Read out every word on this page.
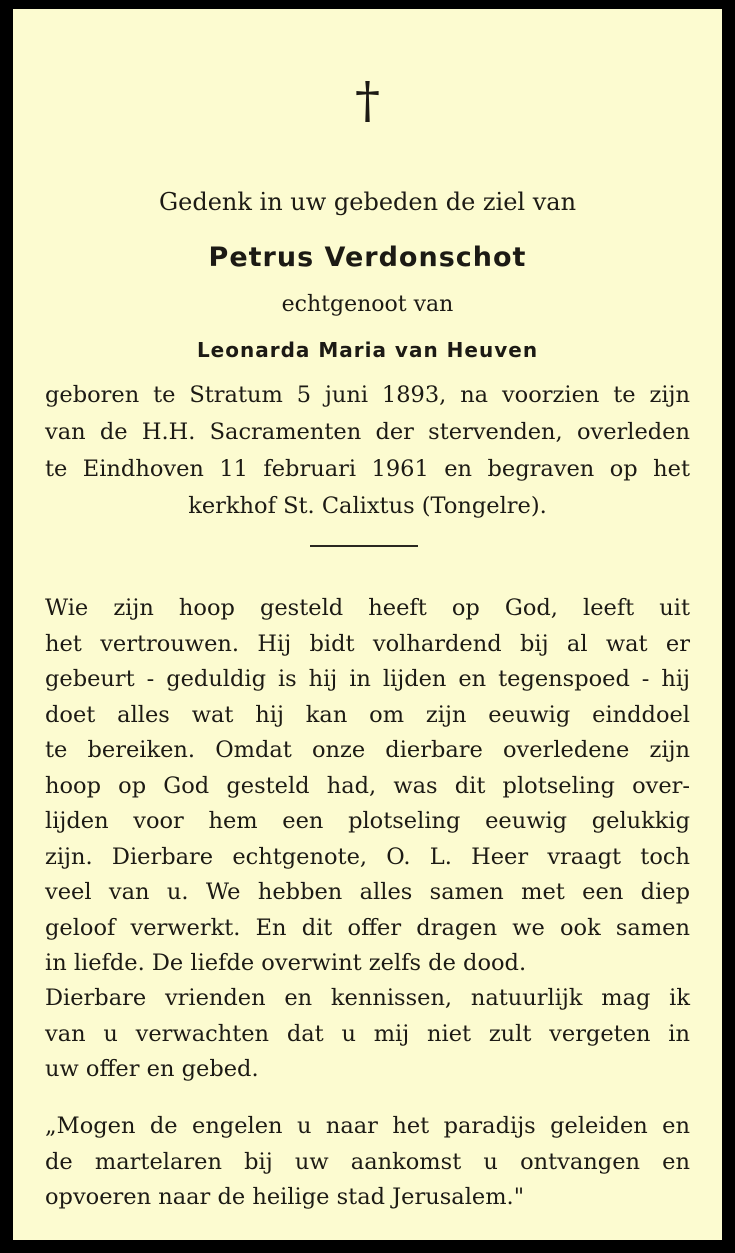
†
Gedenk in uw gebeden de ziel van
Petrus Verdonschot
echtgenoot van
Leonarda Maria van Heuven
geboren te Stratum 5 juni 1893, na voorzien te zijn
van de H.H. Sacramenten der stervenden, overleden
te Eindhoven 11 februari 1961 en begraven op het
kerkhof St. Calixtus (Tongelre).
Wie zijn hoop gesteld heeft op God, leeft uit
het vertrouwen. Hij bidt volhardend bij al wat er
gebeurt - geduldig is hij in lijden en tegenspoed - hij
doet alles wat hij kan om zijn eeuwig einddoel
te bereiken. Omdat onze dierbare overledene zijn
hoop op God gesteld had, was dit plotseling over-
lijden voor hem een plotseling eeuwig gelukkig
zijn. Dierbare echtgenote, O. L. Heer vraagt toch
veel van u. We hebben alles samen met een diep
geloof verwerkt. En dit offer dragen we ook samen
in liefde. De liefde overwint zelfs de dood.
Dierbare vrienden en kennissen, natuurlijk mag ik
van u verwachten dat u mij niet zult vergeten in
uw offer en gebed.
„Mogen de engelen u naar het paradijs geleiden en
de martelaren bij uw aankomst u ontvangen en
opvoeren naar de heilige stad Jerusalem."
